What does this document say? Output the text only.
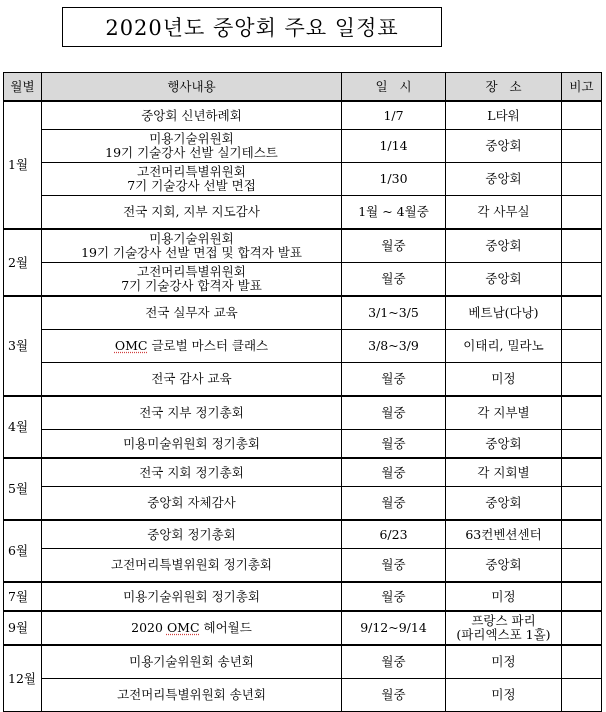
2020년도 중앙회 주요 일정표
월별	행사내용	일   시	장   소	비고
1월	중앙회 신년하례회	1/7	L타워	

	미용기술위원회
19기 기술강사 선발 실기테스트	1/14	중앙회	

	고전머리특별위원회
7기 기술강사 선발 면접	1/30	중앙회	
	전국 지회, 지부 지도감사	1월 ~ 4월중	각 사무실	
2월	미용기술위원회
19기 기술강사 선발 면접 및 합격자 발표	월중	중앙회	

	고전머리특별위원회
7기 기술강사 합격자 발표	월중	중앙회	
3월	전국 실무자 교육	3/1~3/5	베트남(다낭)	
	OMC 글로벌 마스터 클래스	3/8~3/9	이태리, 밀라노	
	전국 감사 교육	월중	미정	
4월	전국 지부 정기총회	월중	각 지부별	
	미용미술위원회 정기총회	월중	중앙회	
5월	전국 지회 정기총회	월중	각 지회별	
	중앙회 자체감사	월중	중앙회	
6월	중앙회 정기총회	6/23	63컨벤션센터	
	고전머리특별위원회 정기총회	월중	중앙회	
7월	미용기술위원회 정기총회	월중	미정	
9월	2020 OMC 헤어월드	9/12~9/14	프랑스 파리
(파리엑스포 1홀)	

12월	미용기술위원회 송년회	월중	미정	
	고전머리특별위원회 송년회	월중	미정	
